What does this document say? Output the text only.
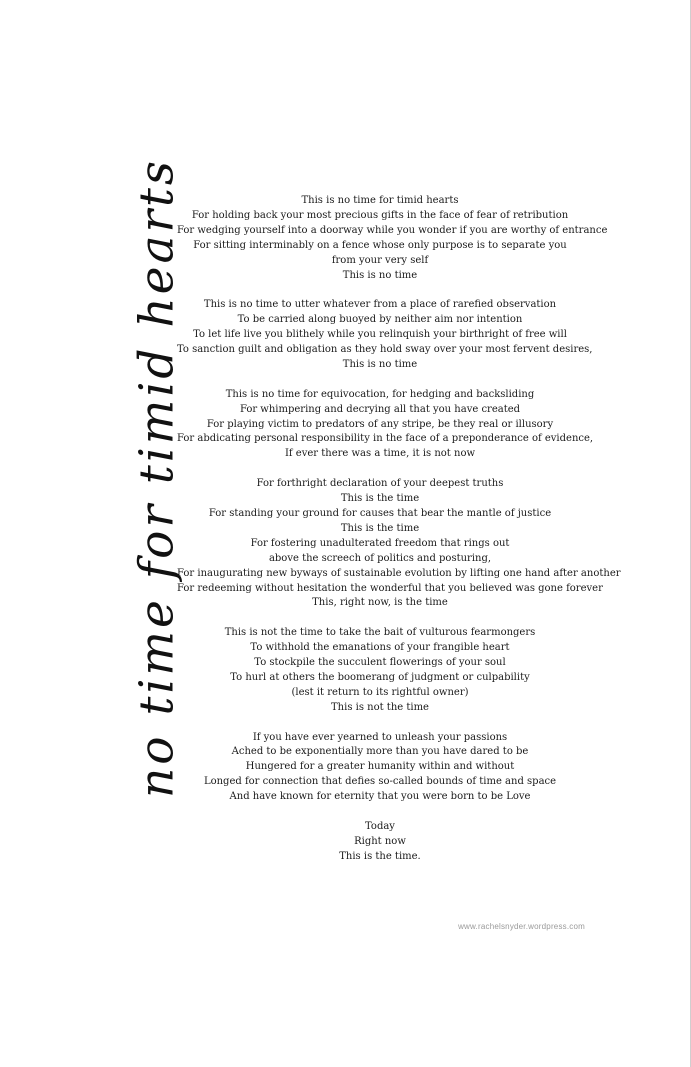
no time for timid hearts	This is no time for timid hearts
For holding back your most precious gifts in the face of fear of retribution
For wedging yourself into a doorway while you wonder if you are worthy of entrance
For sitting interminably on a fence whose only purpose is to separate you
from your very self
This is no time
This is no time to utter whatever from a place of rarefied observation
To be carried along buoyed by neither aim nor intention
To let life live you blithely while you relinquish your birthright of free will
To sanction guilt and obligation as they hold sway over your most fervent desires,
This is no time
This is no time for equivocation, for hedging and backsliding
For whimpering and decrying all that you have created
For playing victim to predators of any stripe, be they real or illusory
For abdicating personal responsibility in the face of a preponderance of evidence,
If ever there was a time, it is not now
For forthright declaration of your deepest truths
This is the time
For standing your ground for causes that bear the mantle of justice
This is the time
For fostering unadulterated freedom that rings out
above the screech of politics and posturing,
For inaugurating new byways of sustainable evolution by lifting one hand after another
For redeeming without hesitation the wonderful that you believed was gone forever
This, right now, is the time
This is not the time to take the bait of vulturous fearmongers
To withhold the emanations of your frangible heart
To stockpile the succulent flowerings of your soul
To hurl at others the boomerang of judgment or culpability
(lest it return to its rightful owner)
This is not the time
If you have ever yearned to unleash your passions
Ached to be exponentially more than you have dared to be
Hungered for a greater humanity within and without
Longed for connection that defies so-called bounds of time and space
And have known for eternity that you were born to be Love
Today
Right now
This is the time.
www.rachelsnyder.wordpress.com
